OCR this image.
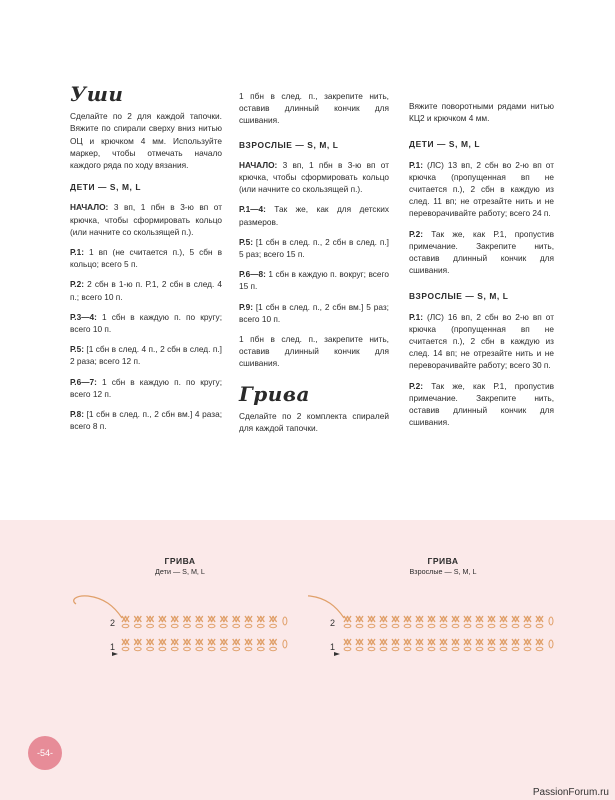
Уши

Сделайте по 2 для каждой тапочки. Вяжите по спирали сверху вниз нитью ОЦ и крючком 4 мм. Используйте маркер, чтобы отмечать начало каждого ряда по ходу вязания.

ДЕТИ — S, M, L

НАЧАЛО: 3 вп, 1 пбн в 3-ю вп от крючка, чтобы сформировать кольцо (или начните со скользящей п.).

Р.1: 1 вп (не считается п.), 5 сбн в кольцо; всего 5 п.

Р.2: 2 сбн в 1-ю п. Р.1, 2 сбн в след. 4 п.; всего 10 п.

Р.3—4: 1 сбн в каждую п. по кругу; всего 10 п.

Р.5: [1 сбн в след. 4 п., 2 сбн в след. п.] 2 раза; всего 12 п.

Р.6—7: 1 сбн в каждую п. по кругу; всего 12 п.

Р.8: [1 сбн в след. п., 2 сбн вм.] 4 раза; всего 8 п.

1 пбн в след. п., закрепите нить, оставив длинный кончик для сшивания.

ВЗРОСЛЫЕ — S, M, L

НАЧАЛО: 3 вп, 1 пбн в 3-ю вп от крючка, чтобы сформировать кольцо (или начните со скользящей п.).

Р.1—4: Так же, как для детских размеров.

Р.5: [1 сбн в след. п., 2 сбн в след. п.] 5 раз; всего 15 п.

Р.6—8: 1 сбн в каждую п. вокруг; всего 15 п.

Р.9: [1 сбн в след. п., 2 сбн вм.] 5 раз; всего 10 п.

1 пбн в след. п., закрепите нить, оставив длинный кончик для сшивания.

Грива

Сделайте по 2 комплекта спиралей для каждой тапочки.

Вяжите поворотными рядами нитью КЦ2 и крючком 4 мм.

ДЕТИ — S, M, L

Р.1: (ЛС) 13 вп, 2 сбн во 2-ю вп от крючка (пропущенная вп не считается п.), 2 сбн в каждую из след. 11 вп; не отрезайте нить и не переворачивайте работу; всего 24 п.

Р.2: Так же, как Р.1, пропустив примечание. Закрепите нить, оставив длинный кончик для сшивания.

ВЗРОСЛЫЕ — S, M, L

Р.1: (ЛС) 16 вп, 2 сбн во 2-ю вп от крючка (пропущенная вп не считается п.), 2 сбн в каждую из след. 14 вп; не отрезайте нить и не переворачивайте работу; всего 30 п.

Р.2: Так же, как Р.1, пропустив примечание. Закрепите нить, оставив длинный кончик для сшивания.

ГРИВА
Дети — S, M, L
ГРИВА
Взрослые — S, M, L
2
1
2
1
-54-
PassionForum.ru
